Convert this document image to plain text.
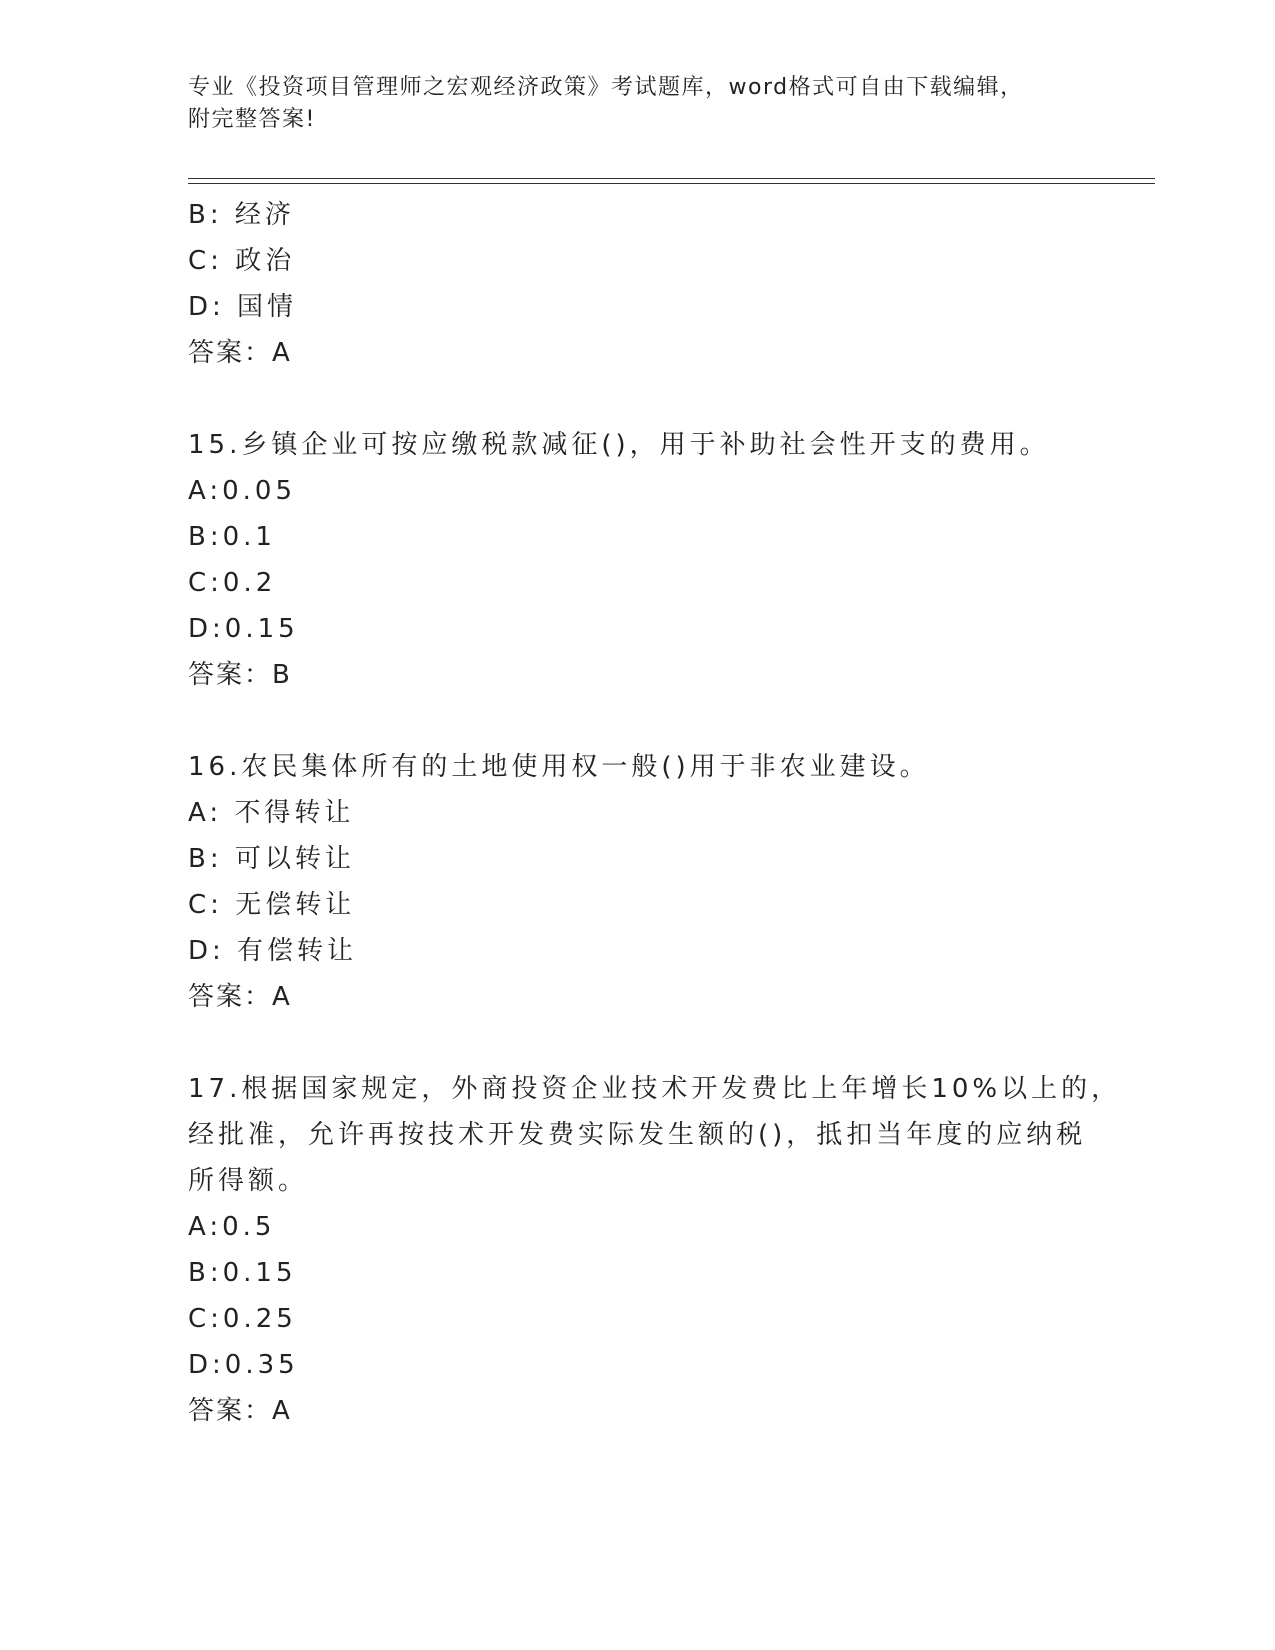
专业《投资项目管理师之宏观经济政策》考试题库，word格式可自由下载编辑，
附完整答案!
B: 经济
C: 政治
D: 国情
答案：A
15.乡镇企业可按应缴税款减征()，用于补助社会性开支的费用。
A:0.05
B:0.1
C:0.2
D:0.15
答案：B
16.农民集体所有的土地使用权一般()用于非农业建设。
A: 不得转让
B: 可以转让
C: 无偿转让
D: 有偿转让
答案：A
17.根据国家规定，外商投资企业技术开发费比上年增长10%以上的，
经批准，允许再按技术开发费实际发生额的()，抵扣当年度的应纳税
所得额。
A:0.5
B:0.15
C:0.25
D:0.35
答案：A
